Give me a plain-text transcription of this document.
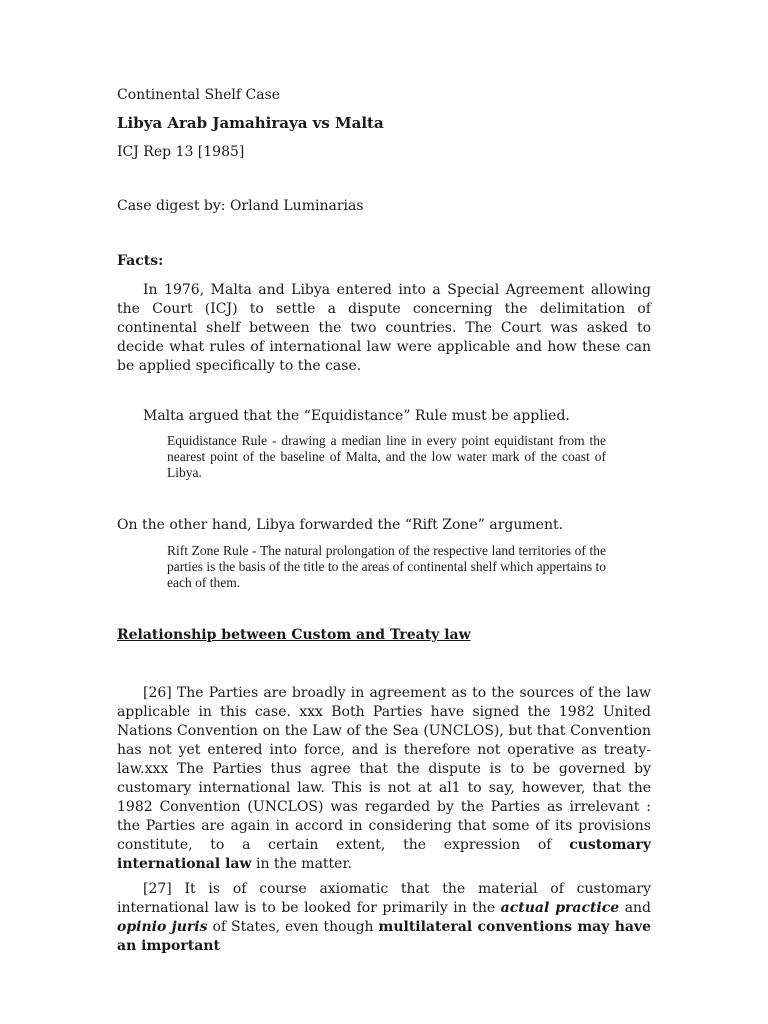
Continental Shelf Case
Libya Arab Jamahiraya vs Malta
ICJ Rep 13 [1985]
Case digest by: Orland Luminarias
Facts:

In 1976, Malta and Libya entered into a Special Agreement allowing the Court (ICJ) to settle a dispute concerning the delimitation of continental shelf between the two countries. The Court was asked to decide what rules of international law were applicable and how these can be applied specifically to the case.

Malta argued that the “Equidistance” Rule must be applied.

Equidistance Rule - drawing a median line in every point equidistant from the nearest point of the baseline of Malta, and the low water mark of the coast of Libya.

On the other hand, Libya forwarded the “Rift Zone” argument.

Rift Zone Rule - The natural prolongation of the respective land territories of the parties is the basis of the title to the areas of continental shelf which appertains to each of them.

Relationship between Custom and Treaty law

[26] The Parties are broadly in agreement as to the sources of the law applicable in this case. xxx Both Parties have signed the 1982 United Nations Convention on the Law of the Sea (UNCLOS), but that Convention has not yet entered into force, and is therefore not operative as treaty-law.xxx The Parties thus agree that the dispute is to be governed by customary international law. This is not at al1 to say, however, that the 1982 Convention (UNCLOS) was regarded by the Parties as irrelevant : the Parties are again in accord in considering that some of its provisions constitute, to a certain extent, the expression of customary international law in the matter.

[27] It is of course axiomatic that the material of customary international law is to be looked for primarily in the actual practice and opinio juris of States, even though multilateral conventions may have an important
